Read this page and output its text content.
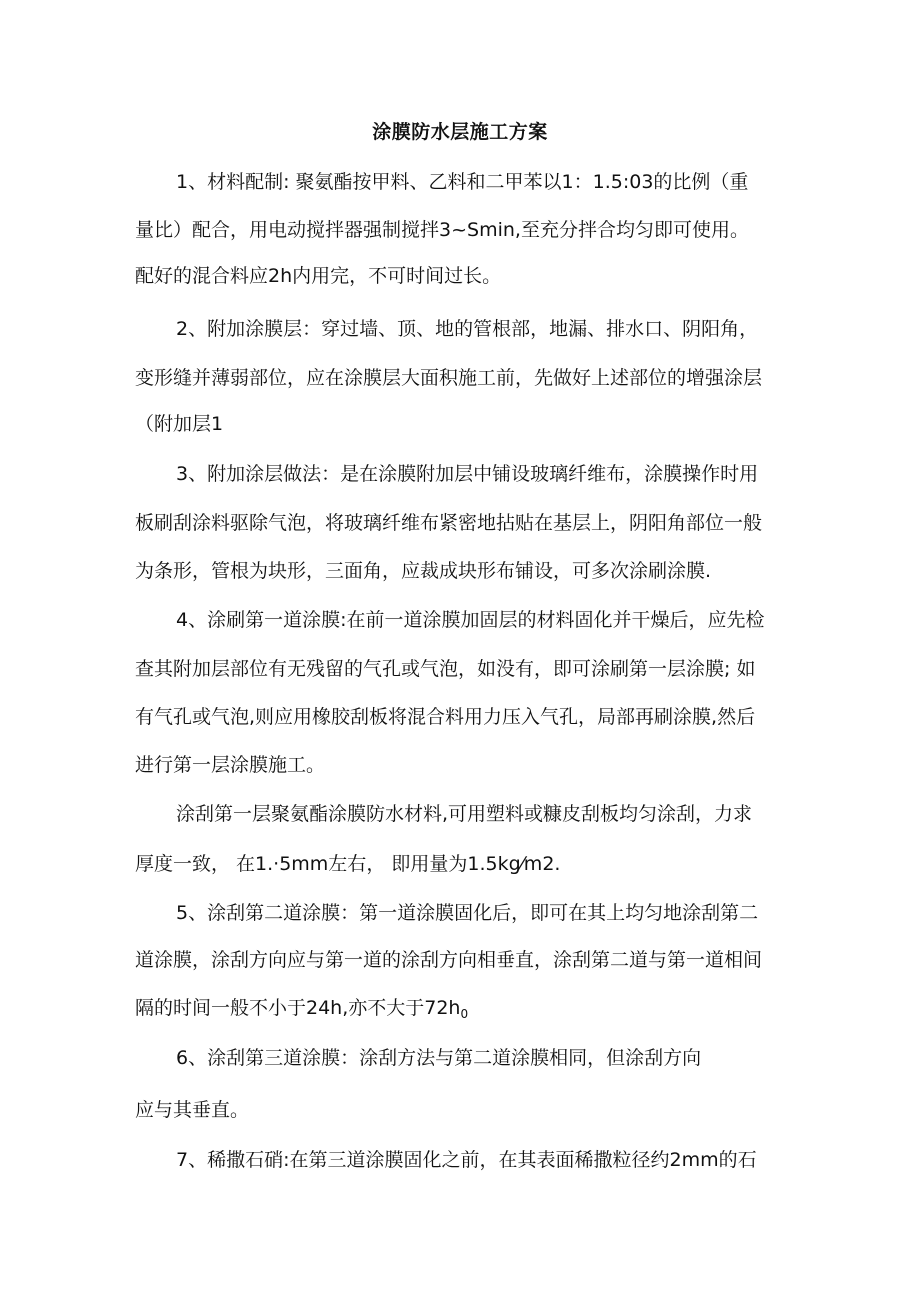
涂膜防水层施工方案
1、材料配制: 聚氨酯按甲料、乙料和二甲苯以1：1.5:03的比例（重
量比）配合，用电动搅拌器强制搅拌3~Smin,至充分拌合均匀即可使用。
配好的混合料应2h内用完，不可时间过长。
2、附加涂膜层：穿过墙、顶、地的管根部，地漏、排水口、阴阳角，
变形缝并薄弱部位，应在涂膜层大面积施工前，先做好上述部位的增强涂层
（附加层1
3、附加涂层做法：是在涂膜附加层中铺设玻璃纤维布，涂膜操作时用
板刷刮涂料驱除气泡，将玻璃纤维布紧密地拈贴在基层上，阴阳角部位一般
为条形，管根为块形，三面角，应裁成块形布铺设，可多次涂刷涂膜.
4、涂刷第一道涂膜:在前一道涂膜加固层的材料固化并干燥后，应先检
查其附加层部位有无残留的气孔或气泡，如没有，即可涂刷第一层涂膜; 如
有气孔或气泡,则应用橡胶刮板将混合料用力压入气孔，局部再刷涂膜,然后
进行第一层涂膜施工。
涂刮第一层聚氨酯涂膜防水材料,可用塑料或糠皮刮板均匀涂刮，力求
厚度一致， 在1.·5mm左右， 即用量为1.5kg⁄m2.
5、涂刮第二道涂膜：第一道涂膜固化后，即可在其上均匀地涂刮第二
道涂膜，涂刮方向应与第一道的涂刮方向相垂直，涂刮第二道与第一道相间
隔的时间一般不小于24h,亦不大于$72h_0$
6、涂刮第三道涂膜：涂刮方法与第二道涂膜相同，但涂刮方向
应与其垂直。
7、稀撒石硝:在第三道涂膜固化之前，在其表面稀撒粒径约2mm的石
